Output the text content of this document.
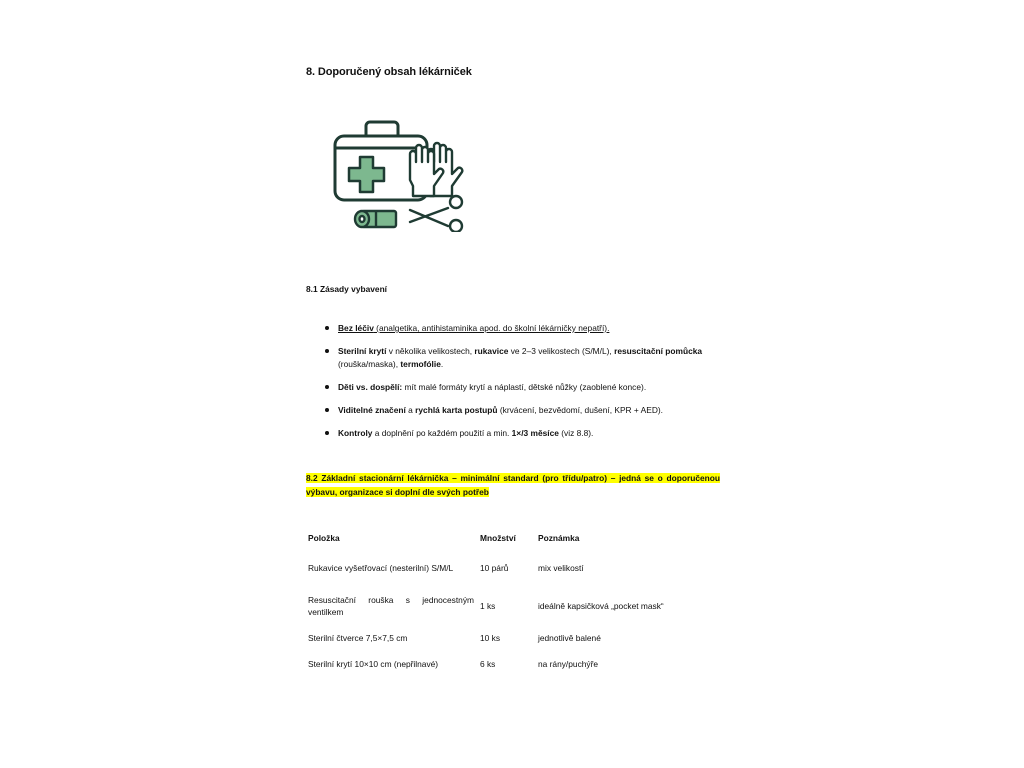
8. Doporučený obsah lékárniček
8.1 Zásady vybavení
Bez léčiv (analgetika, antihistaminika apod. do školní lékárničky nepatří).
Sterilní krytí v několika velikostech, rukavice ve 2–3 velikostech (S/M/L), resuscitační pomůcka (rouška/maska), termofólie.
Děti vs. dospělí: mít malé formáty krytí a náplastí, dětské nůžky (zaoblené konce).
Viditelné značení a rychlá karta postupů (krvácení, bezvědomí, dušení, KPR + AED).
Kontroly a doplnění po každém použití a min. 1×/3 měsíce (viz 8.8).
8.2 Základní stacionární lékárnička – minimální standard (pro třídu/patro) – jedná se o doporučenou výbavu, organizace si doplní dle svých potřeb
Položka	Množství	Poznámka

Rukavice vyšetřovací (nesterilní) S/M/L	10 párů	mix velikostí

Resuscitační rouška s jednocestným ventilkem	1 ks	ideálně kapsičková „pocket mask“
Sterilní čtverce 7,5×7,5 cm	10 ks	jednotlivě balené
Sterilní krytí 10×10 cm (nepřilnavé)	6 ks	na rány/puchýře
